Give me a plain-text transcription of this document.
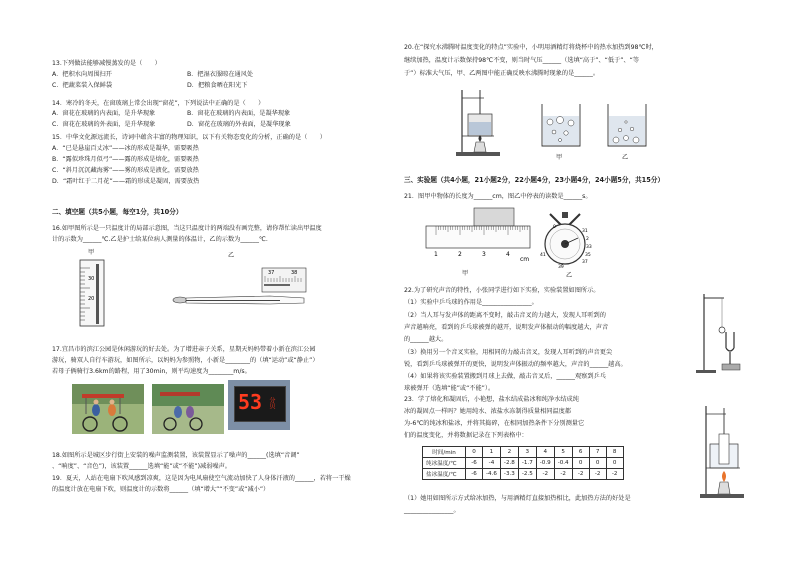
13.下列做法能够减慢蒸发的是（　　）
A．把积水向周围扫开	B．把湿衣服晾在通风处
C．把蔬菜装入保鲜袋	D．把粮食晒在阳光下
14．寒冷的冬天，在窗玻璃上常会出现“窗花”，下列说法中正确的是（　　）
A．窗花在玻璃的内表面，是升华现象	B．窗花在玻璃的内表面，是凝华现象
C．窗花在玻璃的外表面，是升华现象	D．窗花在玻璃的外表面，是凝华现象
15．中华文化源远流长，诗词中蕴含丰富的物理知识，以下有关物态变化的分析，正确的是（　　）
A．“已是悬崖百丈冰”——冰的形成是凝华，需要吸热
B．“露似珍珠月似弓”——露的形成是熔化，需要吸热
C．“斜月沉沉藏海雾”——雾的形成是液化，需要放热
D．“霜叶红于二月花”——霜的形成是凝固，需要放热
二、填空题（共5小题，每空1分，共10分）
16.如甲图所示是一只温度计的局部示意图，当这只温度计的两端没有画完整，请你帮忙读出甲温度
计的示数为______℃.乙是护士给某位病人测量的体温计，乙的示数为______℃.
甲	乙
30
20
37	38
17.宜昌市的滨江公园是休闲游玩的好去处。为了增进亲子关系，星期天妈妈带着小新在滨江公园
游玩，骑双人自行车游玩，如图所示，以妈妈为参照物，小新是________的（填“运动”或“静止”）
若母子俩骑行3.6km的路程，用了30min，则平均速度为________m/s。
53 分贝
18.如图所示是城区步行街上安装的噪声监测装置，该装置显示了噪声的______(选填“音调”
、“响度”、“音色”)，该装置______选填“能”或“不能”)减弱噪声。
19．夏天，人站在电扇下吹风感到凉爽，这是因为电风扇使空气流动加快了人身体汗液的______，若将一干燥
的温度计放在电扇下吹，则温度计的示数将______（填“增大”“不变”或“减小”）
20.在“探究水沸腾时温度变化的特点”实验中，小明用酒精灯将烧杯中的热水加热到98℃时，
继续加热，温度计示数保持98℃不变，则当时气压______（选填“高于”、“低于”、“等
于”）标准大气压，甲、乙两图中能正确反映水沸腾时现象的是______。
甲	乙
三、实验题（共4小题，21小题2分，22小题4分，23小题4分，24小题5分，共15分）
21．图甲中物体的长度为______cm，图乙中停表的读数是______s。
1	2	3	4
cm
甲
0
31
2
33
35
37
39
41
乙
22.为了研究声音的特性，小张同学进行如下实验，实验装置如图所示。
（1）实验中乒乓球的作用是________________。
（2）当人耳与发声体的距离不变时，敲击音叉的力越大，发现人耳听到的
声音越响亮，看到的乒乓球被弹的越开，说明发声体振动的幅度越大，声音
的______越大。
（3）换用另一个音叉实验，用相同的力敲击音叉，发现人耳听到的声音更尖
锐，看到乒乓球被弹开的更快，说明发声体振动的频率越大，声音的______越高。
（4）如果将该实验装置搬到月球上去做，敲击音叉后，______观察到乒乓
球被弹开（选填“能”或“不能”）。
23．学了熔化和凝固后，小艳想，盐水结成盐冰和纯净水结成纯
冰的凝固点一样吗？她用纯水、浓盐水冻制得质量相同温度都
为-6℃的纯冰和盐冰，并将其捣碎，在相同加热条件下分别测量它
们的温度变化，并将数据记录在下列表格中：
时间/min	0	1	2	3	4	5	6	7	8
纯冰温度/℃	-6	-4	-2.8	-1.7	-0.9	-0.4	0	0	0
盐冰温度/℃	-6	-4.6	-3.3	-2.5	-2	-2	-2	-2	-2
（1）她用如图所示方式给冰加热，与用酒精灯直接加热相比，此加热方法的好处是
________________。
